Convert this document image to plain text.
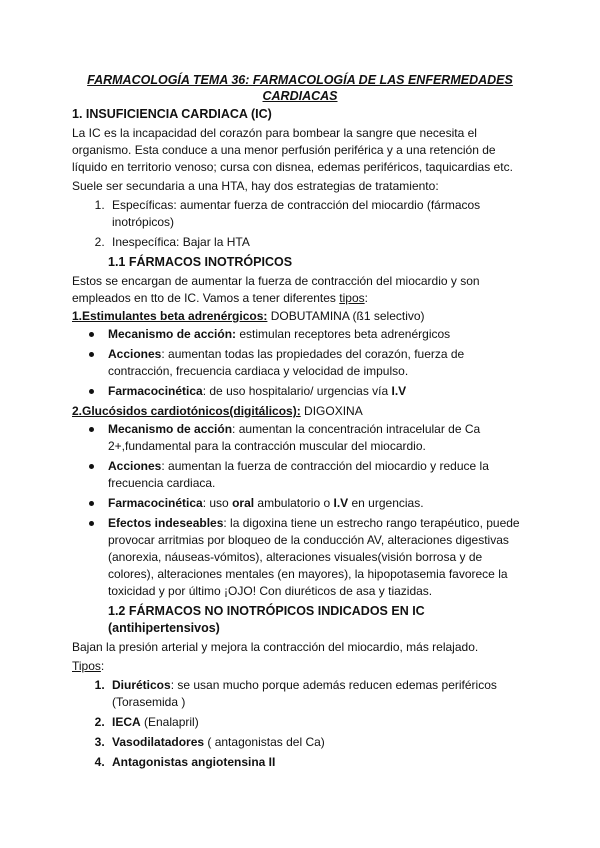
FARMACOLOGÍA TEMA 36: FARMACOLOGÍA DE LAS ENFERMEDADES CARDIACAS
1. INSUFICIENCIA CARDIACA (IC)

La IC es la incapacidad del corazón para bombear la sangre que necesita el organismo. Esta conduce a una menor perfusión periférica y a una retención de líquido en territorio venoso; cursa con disnea, edemas periféricos, taquicardias etc.

Suele ser secundaria a una HTA, hay dos estrategias de tratamiento:

1. Específicas: aumentar fuerza de contracción del miocardio (fármacos inotrópicos)
2. Inespecífica: Bajar la HTA
1.1 FÁRMACOS INOTRÓPICOS

Estos se encargan de aumentar la fuerza de contracción del miocardio y son empleados en tto de IC. Vamos a tener diferentes tipos:

1.Estimulantes beta adrenérgicos: DOBUTAMINA (ß1 selectivo)
Mecanismo de acción: estimulan receptores beta adrenérgicos
Acciones: aumentan todas las propiedades del corazón, fuerza de contracción, frecuencia cardiaca y velocidad de impulso.
Farmacocinética: de uso hospitalario/ urgencias vía I.V
2.Glucósidos cardiotónicos(digitálicos): DIGOXINA
Mecanismo de acción: aumentan la concentración intracelular de Ca 2+,fundamental para la contracción muscular del miocardio.
Acciones: aumentan la fuerza de contracción del miocardio y reduce la frecuencia cardiaca.
Farmacocinética: uso oral ambulatorio o I.V en urgencias.
Efectos indeseables: la digoxina tiene un estrecho rango terapéutico, puede provocar arritmias por bloqueo de la conducción AV, alteraciones digestivas (anorexia, náuseas-vómitos), alteraciones visuales(visión borrosa y de colores), alteraciones mentales (en mayores), la hipopotasemia favorece la toxicidad y por último ¡OJO! Con diuréticos de asa y tiazidas.
1.2 FÁRMACOS NO INOTRÓPICOS INDICADOS EN IC (antihipertensivos)

Bajan la presión arterial y mejora la contracción del miocardio, más relajado.

Tipos:

1. Diuréticos: se usan mucho porque además reducen edemas periféricos (Torasemida )
2. IECA (Enalapril)
3. Vasodilatadores ( antagonistas del Ca)
4. Antagonistas angiotensina II
